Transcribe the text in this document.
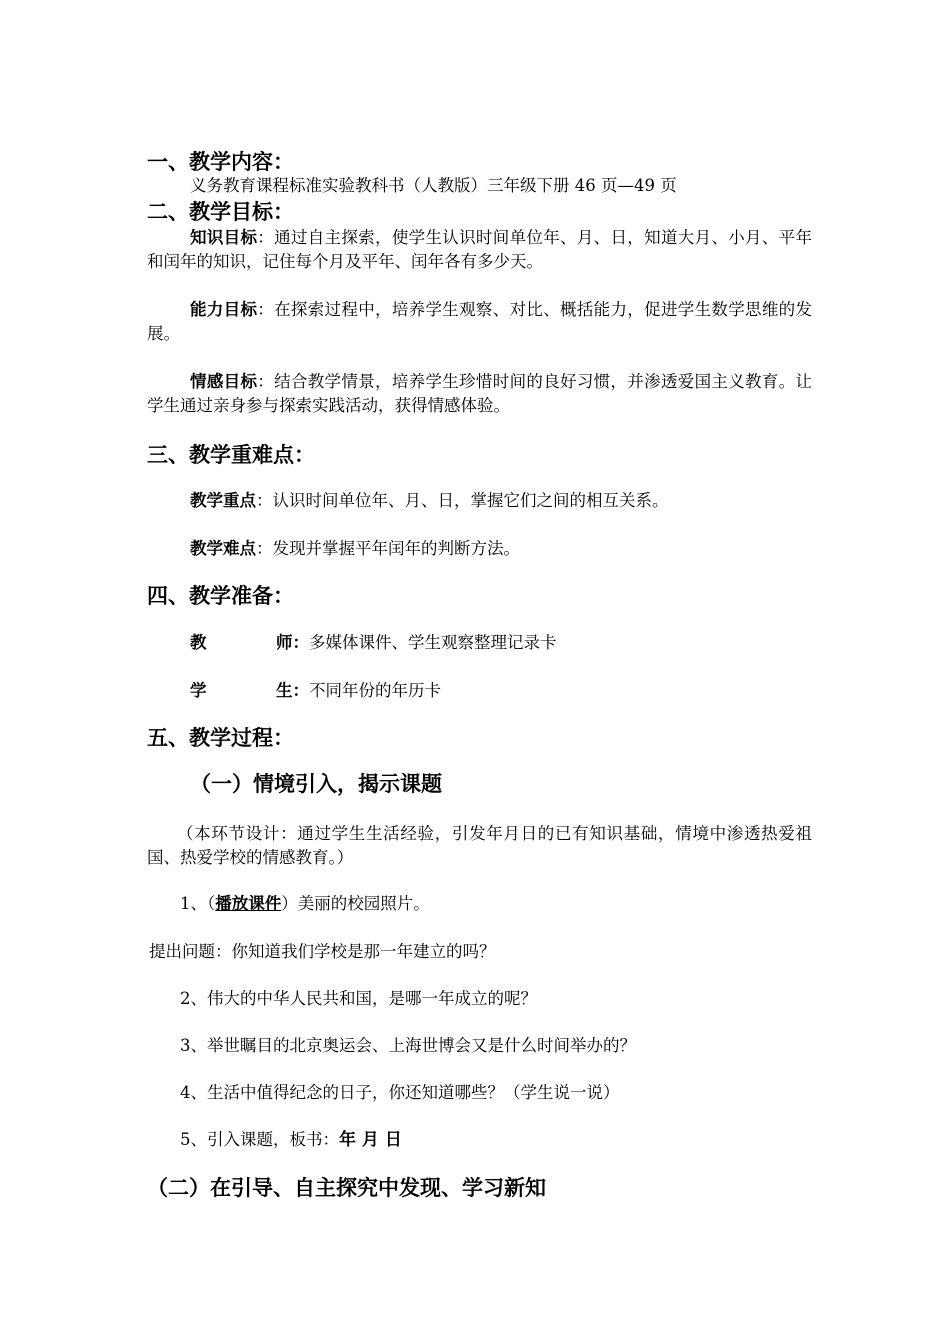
一、教学内容：
义务教育课程标准实验教科书（人教版）三年级下册 46 页—49 页
二、教学目标：
知识目标：通过自主探索，使学生认识时间单位年、月、日，知道大月、小月、平年和闰年的知识，记住每个月及平年、闰年各有多少天。
能力目标：在探索过程中，培养学生观察、对比、概括能力，促进学生数学思维的发展。
情感目标：结合教学情景，培养学生珍惜时间的良好习惯，并渗透爱国主义教育。让学生通过亲身参与探索实践活动，获得情感体验。
三、教学重难点：
教学重点：认识时间单位年、月、日，掌握它们之间的相互关系。
教学难点：发现并掌握平年闰年的判断方法。
四、教学准备：
教	师：多媒体课件、学生观察整理记录卡
学	生：不同年份的年历卡
五、教学过程：
（一）情境引入，揭示课题
（本环节设计：通过学生生活经验，引发年月日的已有知识基础，情境中渗透热爱祖国、热爱学校的情感教育。）
1、（播放课件）美丽的校园照片。
提出问题：你知道我们学校是那一年建立的吗？
2、伟大的中华人民共和国，是哪一年成立的呢？
3、举世瞩目的北京奥运会、上海世博会又是什么时间举办的？
4、生活中值得纪念的日子，你还知道哪些？（学生说一说）
5、引入课题，板书：年 月 日
（二）在引导、自主探究中发现、学习新知
